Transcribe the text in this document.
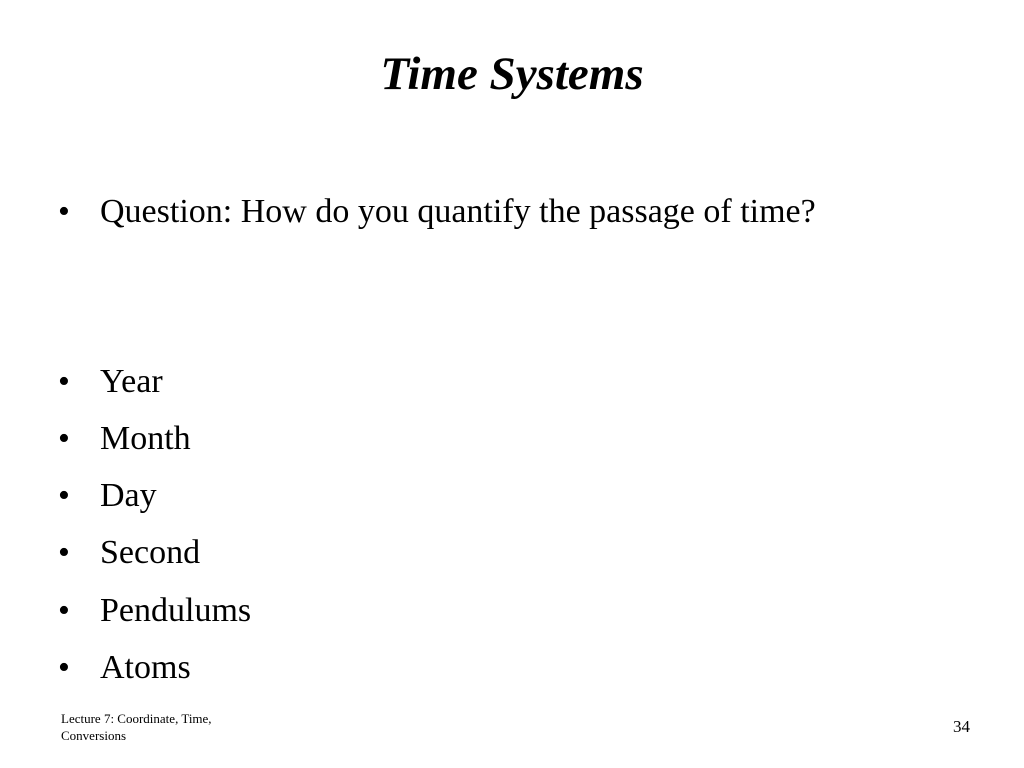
Time Systems
• Question: How do you quantify the passage of time?
• Year
• Month
• Day
• Second
• Pendulums
• Atoms
Lecture 7: Coordinate, Time,
Conversions	34
